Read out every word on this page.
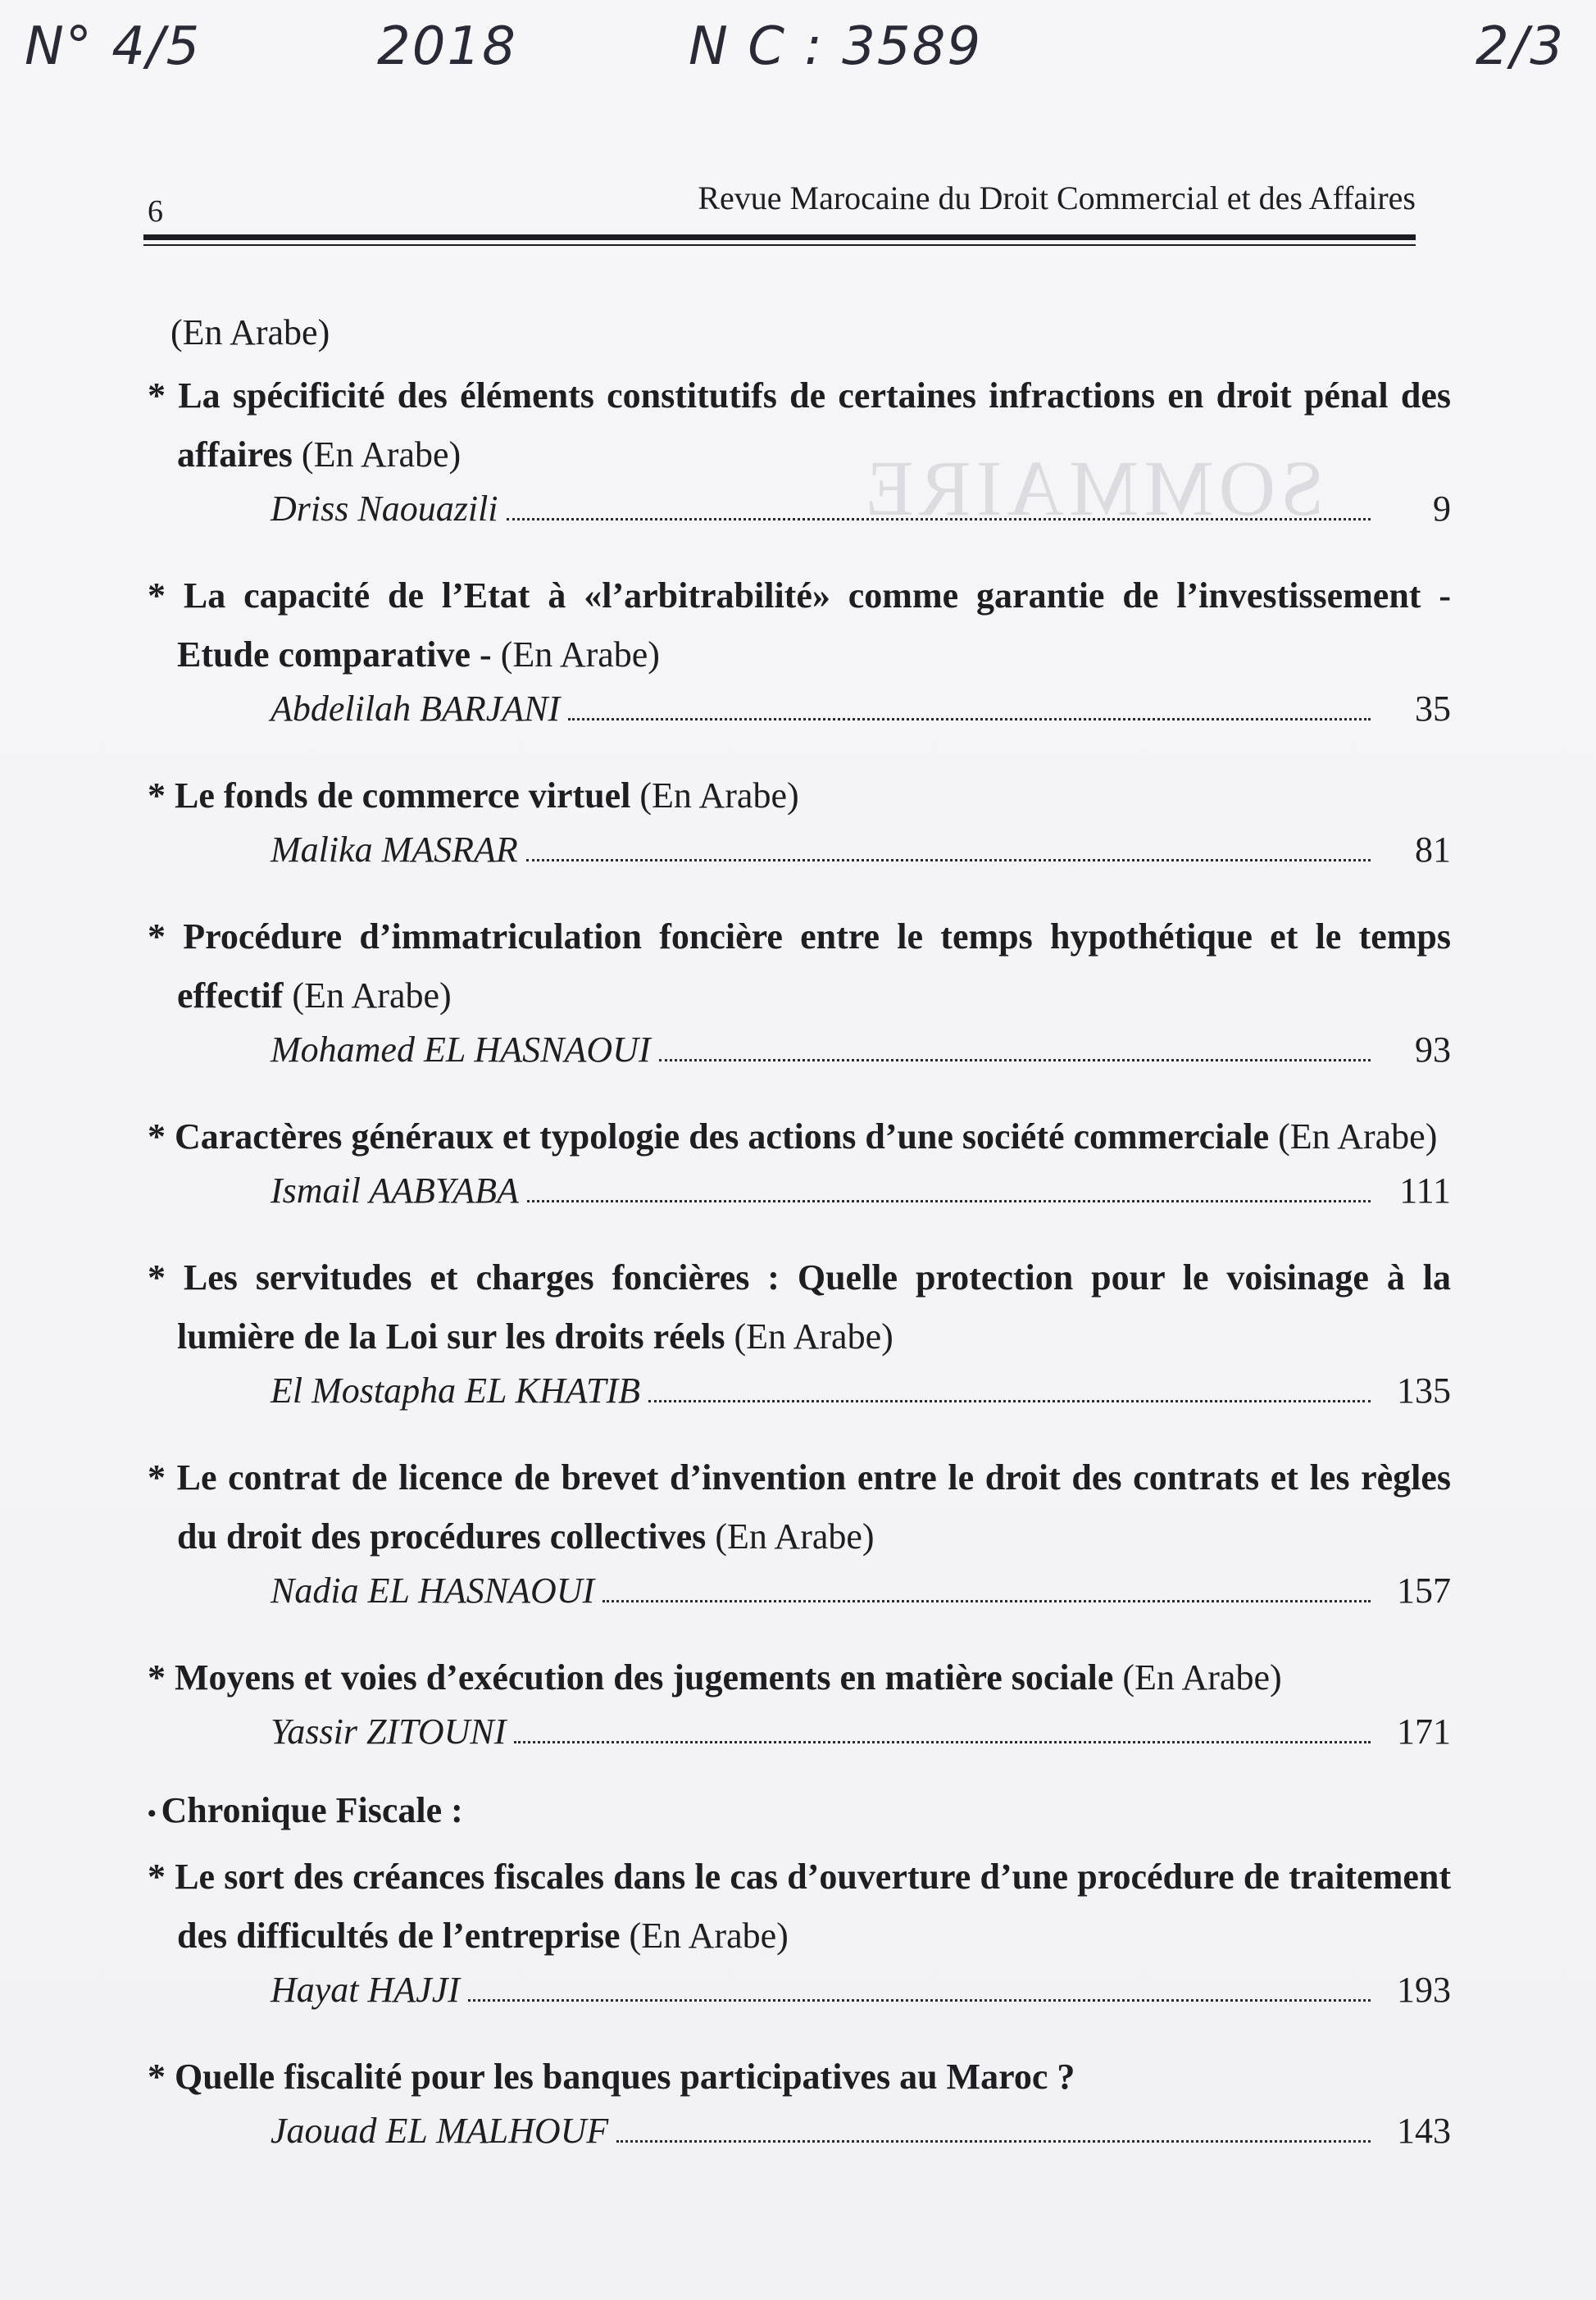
N° 4/5	2018	N C : 3589	2/3
SOMMAIRE
6	Revue Marocaine du Droit Commercial et des Affaires
(En Arabe)
* La spécificité des éléments constitutifs de certaines infractions en droit pénal des affaires (En Arabe)
Driss Naouazili	9
* La capacité de l’Etat à «l’arbitrabilité» comme garantie de l’investissement - Etude comparative - (En Arabe)
Abdelilah BARJANI	35
* Le fonds de commerce virtuel (En Arabe)
Malika MASRAR	81
* Procédure d’immatriculation foncière entre le temps hypothétique et le temps effectif (En Arabe)
Mohamed EL HASNAOUI	93
* Caractères généraux et typologie des actions d’une société commerciale (En Arabe)
Ismail AABYABA	111
* Les servitudes et charges foncières : Quelle protection pour le voisinage à la lumière de la Loi sur les droits réels (En Arabe)
El Mostapha EL KHATIB	135
* Le contrat de licence de brevet d’invention entre le droit des contrats et les règles du droit des procédures collectives (En Arabe)
Nadia EL HASNAOUI	157
* Moyens et voies d’exécution des jugements en matière sociale (En Arabe)
Yassir ZITOUNI	171
• Chronique Fiscale :
* Le sort des créances fiscales dans le cas d’ouverture d’une procédure de traitement des difficultés de l’entreprise (En Arabe)
Hayat HAJJI	193
* Quelle fiscalité pour les banques participatives au Maroc ?
Jaouad EL MALHOUF	143
